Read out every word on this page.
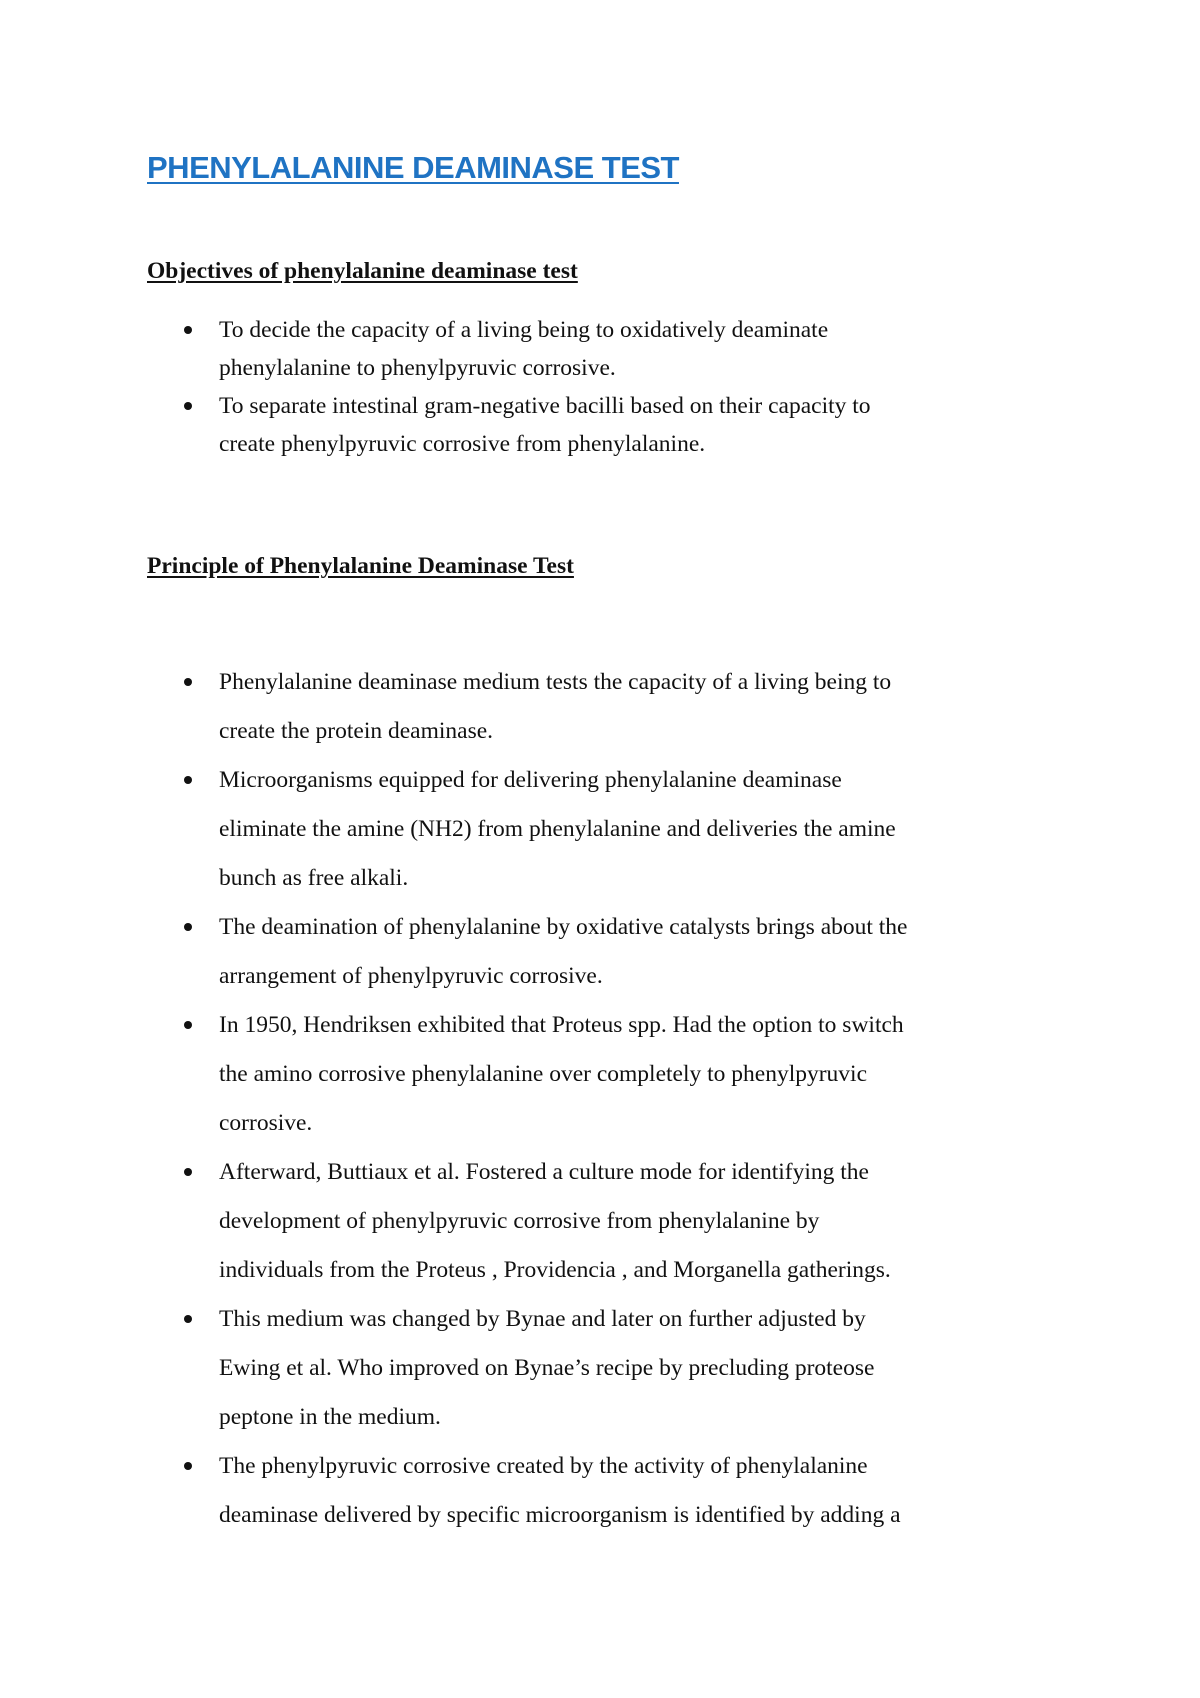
PHENYLALANINE DEAMINASE TEST
Objectives of phenylalanine deaminase test
To decide the capacity of a living being to oxidatively deaminate
phenylalanine to phenylpyruvic corrosive.
To separate intestinal gram-negative bacilli based on their capacity to
create phenylpyruvic corrosive from phenylalanine.
Principle of Phenylalanine Deaminase Test
Phenylalanine deaminase medium tests the capacity of a living being to
create the protein deaminase.
Microorganisms equipped for delivering phenylalanine deaminase
eliminate the amine (NH2) from phenylalanine and deliveries the amine
bunch as free alkali.
The deamination of phenylalanine by oxidative catalysts brings about the
arrangement of phenylpyruvic corrosive.
In 1950, Hendriksen exhibited that Proteus spp. Had the option to switch
the amino corrosive phenylalanine over completely to phenylpyruvic
corrosive.
Afterward, Buttiaux et al. Fostered a culture mode for identifying the
development of phenylpyruvic corrosive from phenylalanine by
individuals from the Proteus , Providencia , and Morganella gatherings.
This medium was changed by Bynae and later on further adjusted by
Ewing et al. Who improved on Bynae’s recipe by precluding proteose
peptone in the medium.
The phenylpyruvic corrosive created by the activity of phenylalanine
deaminase delivered by specific microorganism is identified by adding a
